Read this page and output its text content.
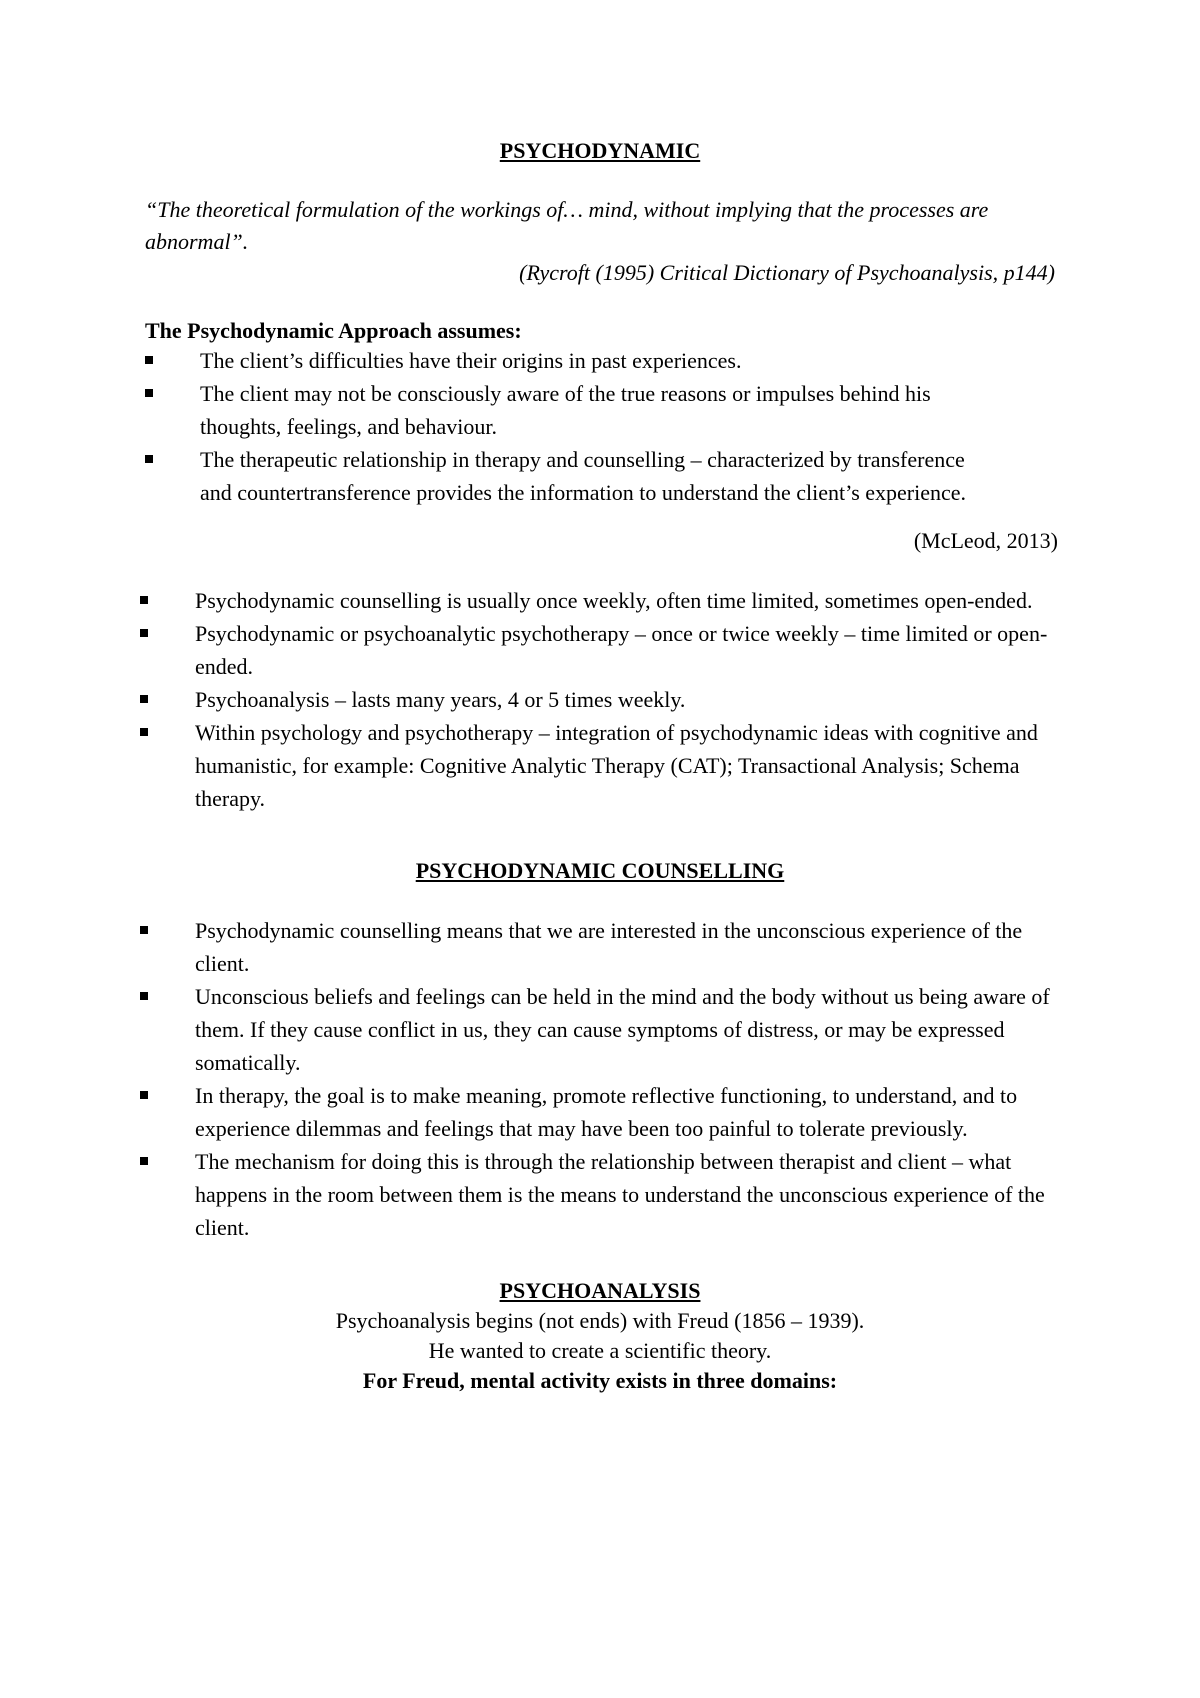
PSYCHODYNAMIC
“The theoretical formulation of the workings of… mind, without implying that the processes are abnormal”.
(Rycroft (1995) Critical Dictionary of Psychoanalysis, p144)
The Psychodynamic Approach assumes:
The client’s difficulties have their origins in past experiences.
The client may not be consciously aware of the true reasons or impulses behind his thoughts, feelings, and behaviour.
The therapeutic relationship in therapy and counselling – characterized by transference and countertransference provides the information to understand the client’s experience.
(McLeod, 2013)
Psychodynamic counselling is usually once weekly, often time limited, sometimes open-ended.
Psychodynamic or psychoanalytic psychotherapy – once or twice weekly – time limited or open-ended.
Psychoanalysis – lasts many years, 4 or 5 times weekly.
Within psychology and psychotherapy – integration of psychodynamic ideas with cognitive and humanistic, for example: Cognitive Analytic Therapy (CAT); Transactional Analysis; Schema therapy.
PSYCHODYNAMIC COUNSELLING
Psychodynamic counselling means that we are interested in the unconscious experience of the client.
Unconscious beliefs and feelings can be held in the mind and the body without us being aware of them. If they cause conflict in us, they can cause symptoms of distress, or may be expressed somatically.
In therapy, the goal is to make meaning, promote reflective functioning, to understand, and to experience dilemmas and feelings that may have been too painful to tolerate previously.
The mechanism for doing this is through the relationship between therapist and client – what happens in the room between them is the means to understand the unconscious experience of the client.
PSYCHOANALYSIS
Psychoanalysis begins (not ends) with Freud (1856 – 1939).
He wanted to create a scientific theory.
For Freud, mental activity exists in three domains:
